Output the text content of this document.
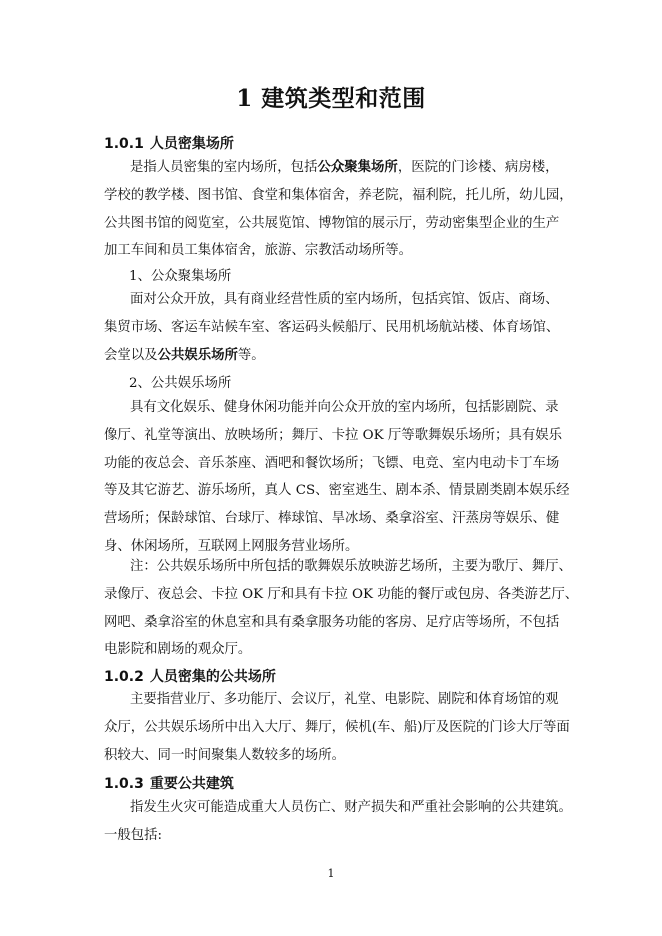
1 建筑类型和范围
1.0.1 人员密集场所
是指人员密集的室内场所，包括公众聚集场所，医院的门诊楼、病房楼，
学校的教学楼、图书馆、食堂和集体宿舍，养老院，福利院，托儿所，幼儿园，
公共图书馆的阅览室，公共展览馆、博物馆的展示厅，劳动密集型企业的生产
加工车间和员工集体宿舍，旅游、宗教活动场所等。
1、公众聚集场所
面对公众开放，具有商业经营性质的室内场所，包括宾馆、饭店、商场、
集贸市场、客运车站候车室、客运码头候船厅、民用机场航站楼、体育场馆、
会堂以及公共娱乐场所等。
2、公共娱乐场所
具有文化娱乐、健身休闲功能并向公众开放的室内场所，包括影剧院、录
像厅、礼堂等演出、放映场所；舞厅、卡拉 OK 厅等歌舞娱乐场所；具有娱乐
功能的夜总会、音乐茶座、酒吧和餐饮场所；飞镖、电竞、室内电动卡丁车场
等及其它游艺、游乐场所，真人 CS、密室逃生、剧本杀、情景剧类剧本娱乐经
营场所；保龄球馆、台球厅、棒球馆、旱冰场、桑拿浴室、汗蒸房等娱乐、健
身、休闲场所，互联网上网服务营业场所。
注：公共娱乐场所中所包括的歌舞娱乐放映游艺场所，主要为歌厅、舞厅、
录像厅、夜总会、卡拉 OK 厅和具有卡拉 OK 功能的餐厅或包房、各类游艺厅、
网吧、桑拿浴室的休息室和具有桑拿服务功能的客房、足疗店等场所，不包括
电影院和剧场的观众厅。
1.0.2 人员密集的公共场所
主要指营业厅、多功能厅、会议厅，礼堂、电影院、剧院和体育场馆的观
众厅，公共娱乐场所中出入大厅、舞厅，候机(车、船)厅及医院的门诊大厅等面
积较大、同一时间聚集人数较多的场所。
1.0.3 重要公共建筑
指发生火灾可能造成重大人员伤亡、财产损失和严重社会影响的公共建筑。
一般包括:
1
